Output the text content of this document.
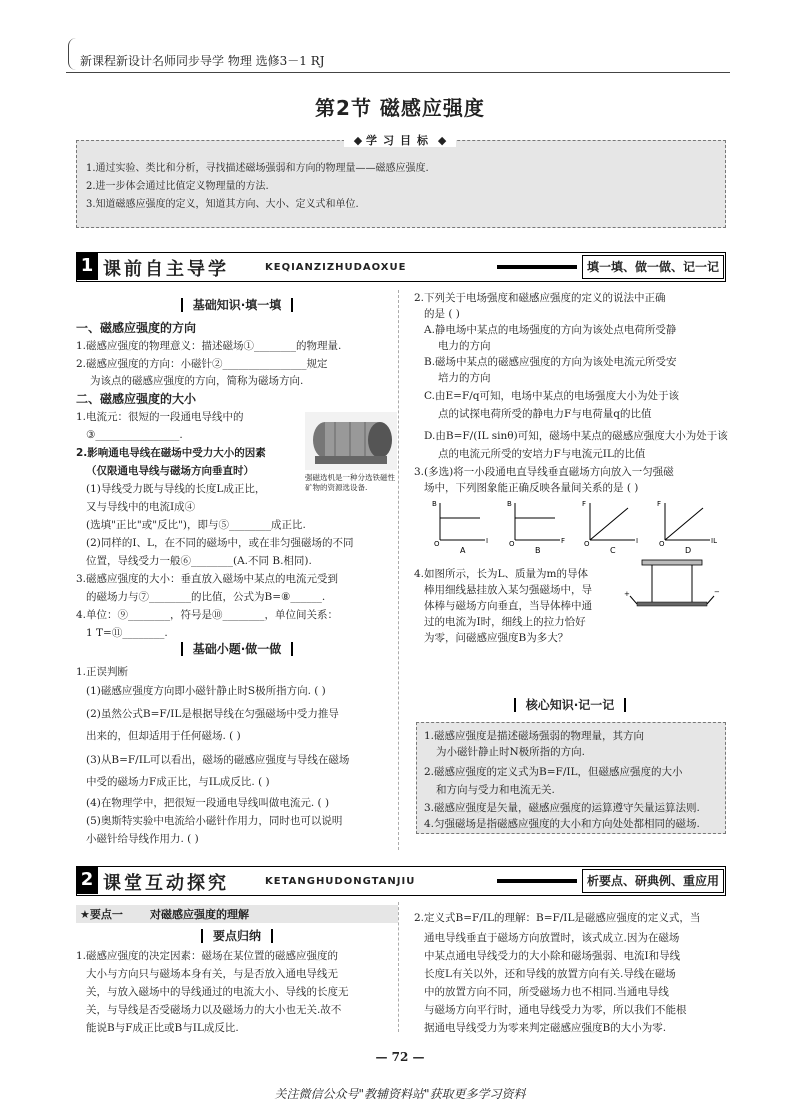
新课程新设计名师同步导学 物理 选修3－1 RJ
第2节 磁感应强度
◆ 学习目标 ◆
1.通过实验、类比和分析，寻找描述磁场强弱和方向的物理量——磁感应强度.
2.进一步体会通过比值定义物理量的方法.
3.知道磁感应强度的定义，知道其方向、大小、定义式和单位.
1 课前自主导学	KEQIANZIZHUDAOXUE	填一填、做一做、记一记
基础知识·填一填
一、磁感应强度的方向
1.磁感应强度的物理意义：描述磁场①________的物理量.
2.磁感应强度的方向：小磁针②________________规定
为该点的磁感应强度的方向，简称为磁场方向.
二、磁感应强度的大小
1.电流元：很短的一段通电导线中的
③________________.
2.影响通电导线在磁场中受力大小的因素
（仅限通电导线与磁场方向垂直时）
(1)导线受力既与导线的长度L成正比，
又与导线中的电流I成④
(选填"正比"或"反比")，即与⑤________成正比.
(2)同样的I、L，在不同的磁场中，或在非匀强磁场的不同
位置，导线受力一般⑥________(A.不同 B.相同).
3.磁感应强度的大小：垂直放入磁场中某点的电流元受到
的磁场力与⑦________的比值，公式为B=⑧______.
4.单位：⑨________，符号是⑩________，单位间关系：
1 T=⑪________.
强磁选机是一种分选铁磁性矿物的资源选设备.
基础小题·做一做
1.正误判断
(1)磁感应强度方向即小磁针静止时S极所指方向. ( )
(2)虽然公式B=F/IL是根据导线在匀强磁场中受力推导
出来的，但却适用于任何磁场. ( )
(3)从B=F/IL可以看出，磁场的磁感应强度与导线在磁场
中受的磁场力F成正比，与IL成反比. ( )
(4)在物理学中，把很短一段通电导线叫做电流元. ( )
(5)奥斯特实验中电流给小磁针作用力，同时也可以说明
小磁针给导线作用力. ( )
2.下列关于电场强度和磁感应强度的定义的说法中正确
的是 ( )
A.静电场中某点的电场强度的方向为该处点电荷所受静
电力的方向
B.磁场中某点的磁感应强度的方向为该处电流元所受安
培力的方向
C.由E=F/q可知，电场中某点的电场强度大小为处于该
点的试探电荷所受的静电力F与电荷量q的比值
D.由B=F/(IL sinθ)可知，磁场中某点的磁感应强度大小为处于该
点的电流元所受的安培力F与电流元IL的比值
3.(多选)将一小段通电直导线垂直磁场方向放入一匀强磁
场中，下列图象能正确反映各量间关系的是 ( )
B
I
O
B
F
O
F
I
O
F
IL
O
A	B	C	D
4.如图所示，长为L、质量为m的导体
棒用细线悬挂放入某匀强磁场中，导
体棒与磁场方向垂直，当导体棒中通
过的电流为I时，细线上的拉力恰好
为零，问磁感应强度B为多大？
+	−
核心知识·记一记
1.磁感应强度是描述磁场强弱的物理量，其方向
为小磁针静止时N极所指的方向.
2.磁感应强度的定义式为B=F/IL，但磁感应强度的大小
和方向与受力和电流无关.
3.磁感应强度是矢量，磁感应强度的运算遵守矢量运算法则.
4.匀强磁场是指磁感应强度的大小和方向处处都相同的磁场.
2 课堂互动探究	KETANGHUDONGTANJIU	析要点、研典例、重应用
★要点一 对磁感应强度的理解
要点归纳
1.磁感应强度的决定因素：磁场在某位置的磁感应强度的
大小与方向只与磁场本身有关，与是否放入通电导线无
关，与放入磁场中的导线通过的电流大小、导线的长度无
关，与导线是否受磁场力以及磁场力的大小也无关.故不
能说B与F成正比或B与IL成反比.
2.定义式B=F/IL的理解：B=F/IL是磁感应强度的定义式，当
通电导线垂直于磁场方向放置时，该式成立.因为在磁场
中某点通电导线受力的大小除和磁场强弱、电流I和导线
长度L有关以外，还和导线的放置方向有关.导线在磁场
中的放置方向不同，所受磁场力也不相同.当通电导线
与磁场方向平行时，通电导线受力为零，所以我们不能根
据通电导线受力为零来判定磁感应强度B的大小为零.
— 72 —
关注微信公众号"教辅资料站"获取更多学习资料
